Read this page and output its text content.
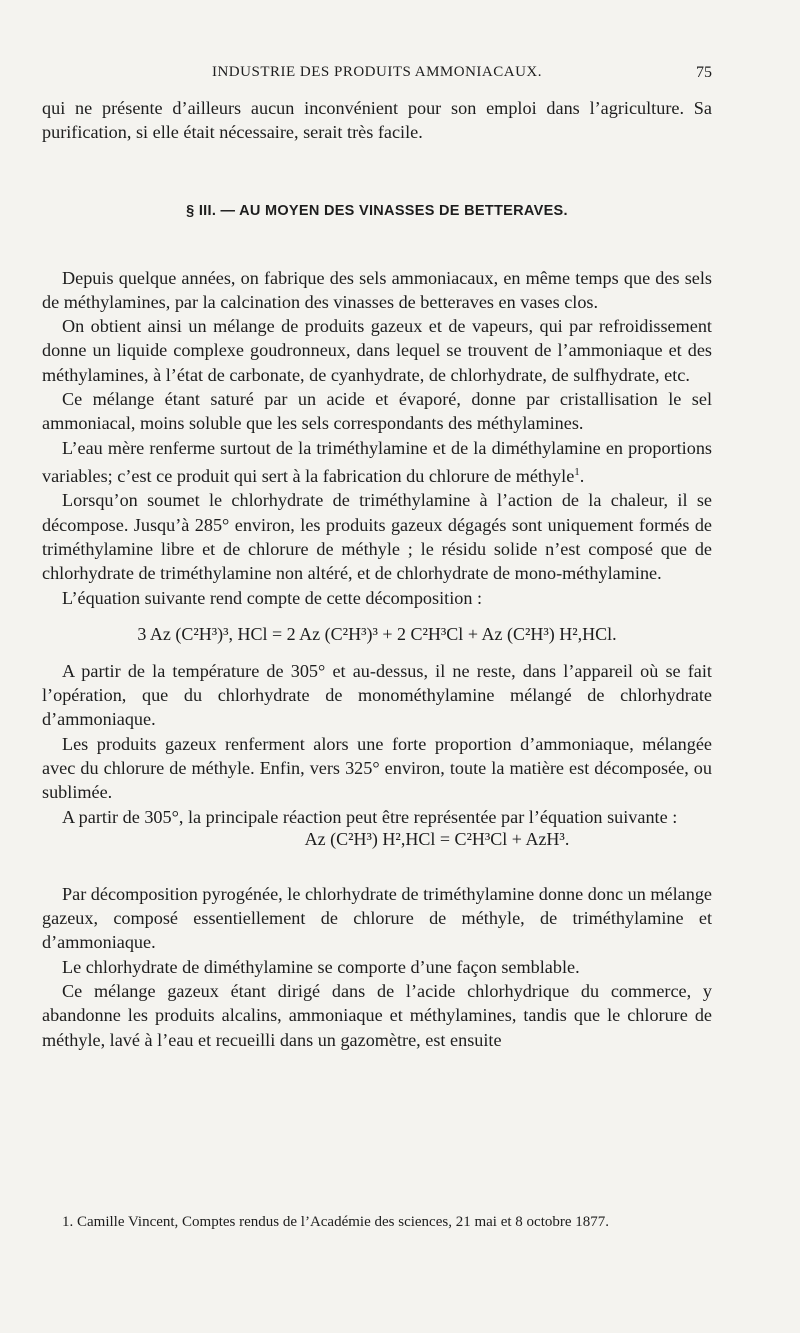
INDUSTRIE DES PRODUITS AMMONIACAUX.	75

qui ne présente d’ailleurs aucun inconvénient pour son emploi dans l’agriculture. Sa purification, si elle était nécessaire, serait très facile.

§ III. — AU MOYEN DES VINASSES DE BETTERAVES.

Depuis quelque années, on fabrique des sels ammoniacaux, en même temps que des sels de méthylamines, par la calcination des vinasses de betteraves en vases clos.

On obtient ainsi un mélange de produits gazeux et de vapeurs, qui par refroidissement donne un liquide complexe goudronneux, dans lequel se trouvent de l’ammoniaque et des méthylamines, à l’état de carbonate, de cyanhydrate, de chlorhydrate, de sulfhydrate, etc.

Ce mélange étant saturé par un acide et évaporé, donne par cristallisation le sel ammoniacal, moins soluble que les sels correspondants des méthylamines.

L’eau mère renferme surtout de la triméthylamine et de la diméthylamine en proportions variables; c’est ce produit qui sert à la fabrication du chlorure de méthyle$^1$.

Lorsqu’on soumet le chlorhydrate de triméthylamine à l’action de la chaleur, il se décompose. Jusqu’à 285° environ, les produits gazeux dégagés sont uniquement formés de triméthylamine libre et de chlorure de méthyle ; le résidu solide n’est composé que de chlorhydrate de triméthylamine non altéré, et de chlorhydrate de mono-méthylamine.

L’équation suivante rend compte de cette décomposition :

3 Az (C²H³)³, HCl = 2 Az (C²H³)³ + 2 C²H³Cl + Az (C²H³) H²,HCl.

A partir de la température de 305° et au-dessus, il ne reste, dans l’appareil où se fait l’opération, que du chlorhydrate de monométhylamine mélangé de chlorhydrate d’ammoniaque.

Les produits gazeux renferment alors une forte proportion d’ammoniaque, mélangée avec du chlorure de méthyle. Enfin, vers 325° environ, toute la matière est décomposée, ou sublimée.

A partir de 305°, la principale réaction peut être représentée par l’équation suivante :

Az (C²H³) H²,HCl = C²H³Cl + AzH³.

Par décomposition pyrogénée, le chlorhydrate de triméthylamine donne donc un mélange gazeux, composé essentiellement de chlorure de méthyle, de triméthylamine et d’ammoniaque.

Le chlorhydrate de diméthylamine se comporte d’une façon semblable.

Ce mélange gazeux étant dirigé dans de l’acide chlorhydrique du commerce, y abandonne les produits alcalins, ammoniaque et méthylamines, tandis que le chlorure de méthyle, lavé à l’eau et recueilli dans un gazomètre, est ensuite

1. Camille Vincent, Comptes rendus de l’Académie des sciences, 21 mai et 8 octobre 1877.
